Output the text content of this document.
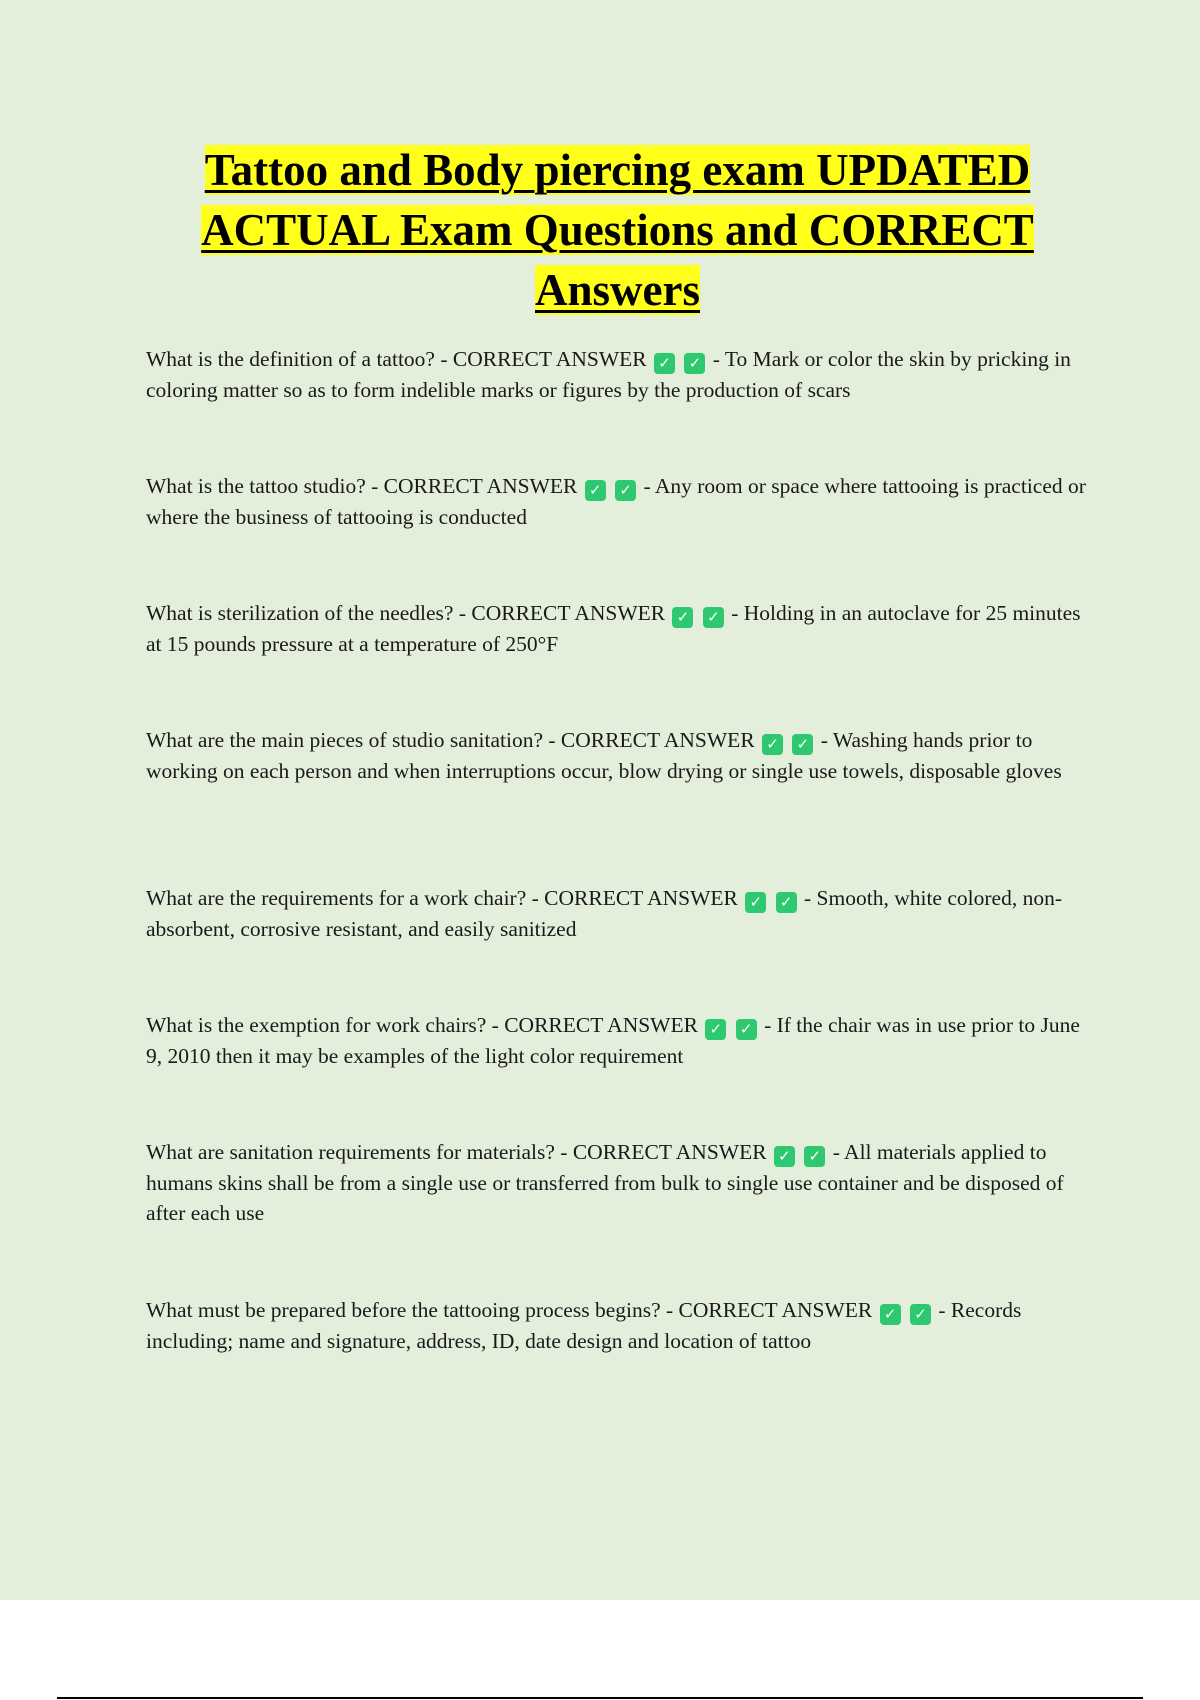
Tattoo and Body piercing exam UPDATED ACTUAL Exam Questions and CORRECT Answers

What is the definition of a tattoo? - CORRECT ANSWER ✓ ✓ - To Mark or color the skin by pricking in coloring matter so as to form indelible marks or figures by the production of scars

What is the tattoo studio? - CORRECT ANSWER ✓ ✓ - Any room or space where tattooing is practiced or where the business of tattooing is conducted

What is sterilization of the needles? - CORRECT ANSWER ✓ ✓ - Holding in an autoclave for 25 minutes at 15 pounds pressure at a temperature of 250°F

What are the main pieces of studio sanitation? - CORRECT ANSWER ✓ ✓ - Washing hands prior to working on each person and when interruptions occur, blow drying or single use towels, disposable gloves

What are the requirements for a work chair? - CORRECT ANSWER ✓ ✓ - Smooth, white colored, non-absorbent, corrosive resistant, and easily sanitized

What is the exemption for work chairs? - CORRECT ANSWER ✓ ✓ - If the chair was in use prior to June 9, 2010 then it may be examples of the light color requirement

What are sanitation requirements for materials? - CORRECT ANSWER ✓ ✓ - All materials applied to humans skins shall be from a single use or transferred from bulk to single use container and be disposed of after each use

What must be prepared before the tattooing process begins? - CORRECT ANSWER ✓ ✓ - Records including; name and signature, address, ID, date design and location of tattoo
